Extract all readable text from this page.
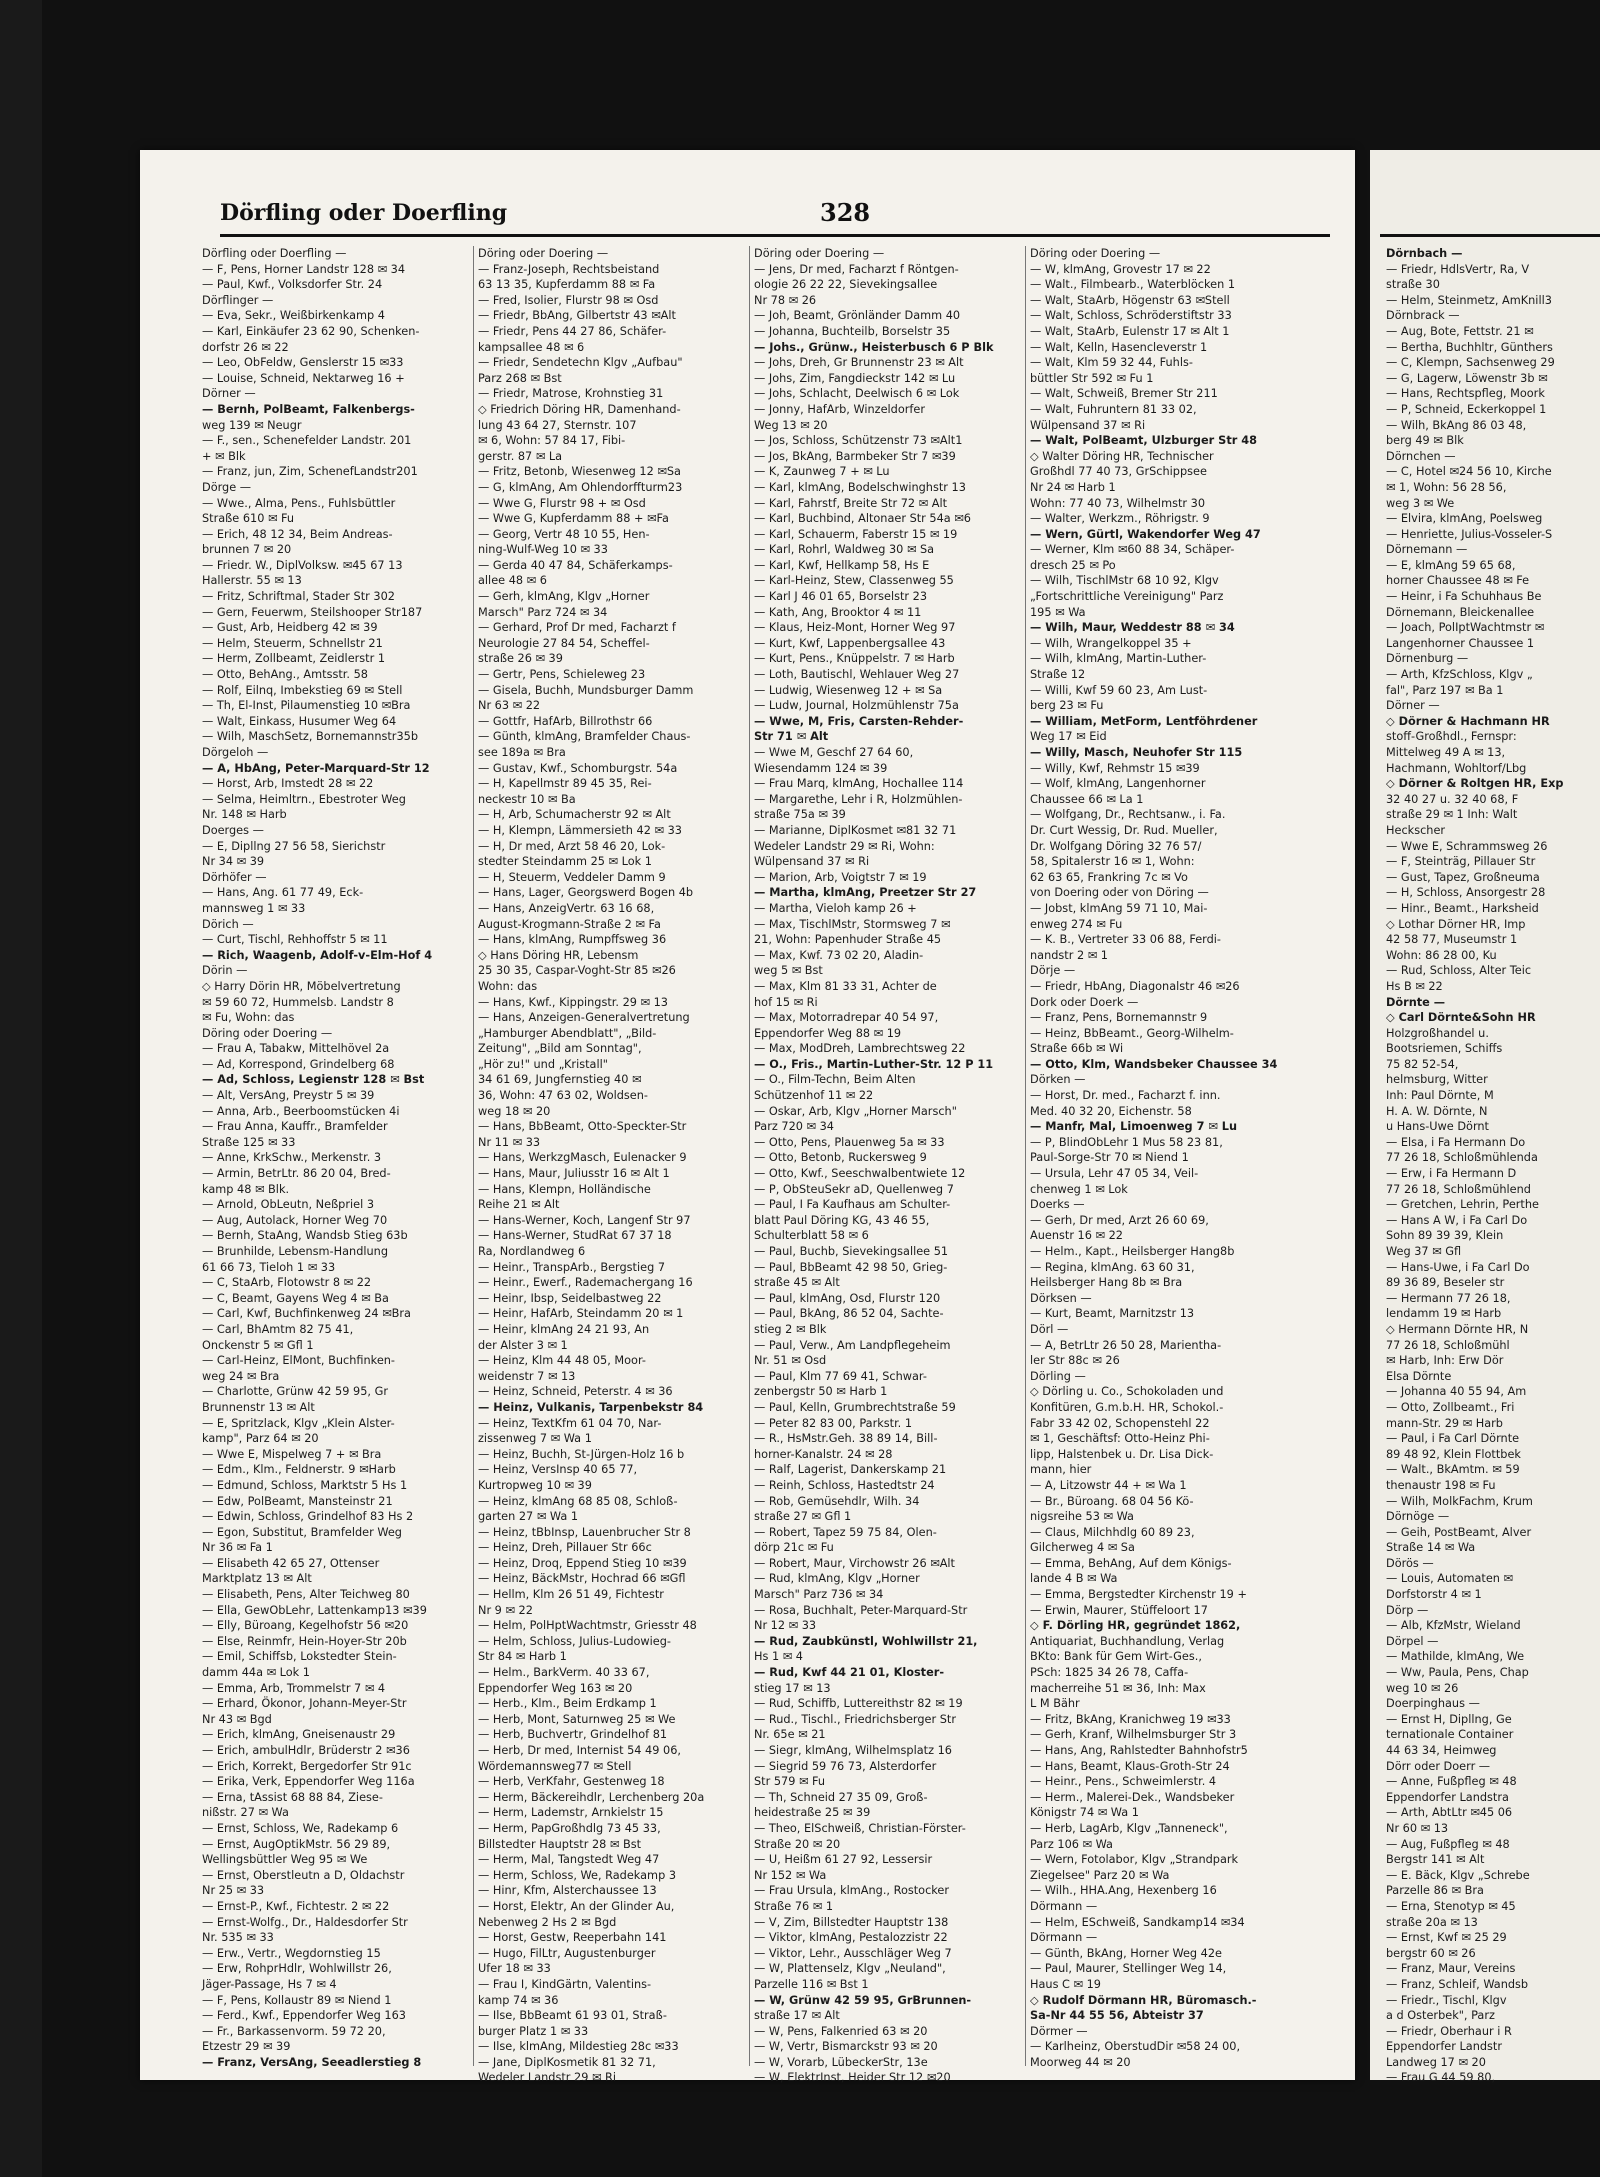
Dörfling oder Doerfling	328
Dörfling oder Doerfling —
— F, Pens, Horner Landstr 128 ✉ 34
— Paul, Kwf., Volksdorfer Str. 24
Dörflinger —
— Eva, Sekr., Weißbirkenkamp 4
— Karl, Einkäufer 23 62 90, Schenken-
dorfstr 26 ✉ 22
— Leo, ObFeldw, Genslerstr 15 ✉33
— Louise, Schneid, Nektarweg 16 +
Dörner —
— Bernh, PolBeamt, Falkenbergs-
weg 139 ✉ Neugr
— F., sen., Schenefelder Landstr. 201
+ ✉ Blk
— Franz, jun, Zim, SchenefLandstr201
Dörge —
— Wwe., Alma, Pens., Fuhlsbüttler
Straße 610 ✉ Fu
— Erich, 48 12 34, Beim Andreas-
brunnen 7 ✉ 20
— Friedr. W., DiplVolksw. ✉45 67 13
Hallerstr. 55 ✉ 13
— Fritz, Schriftmal, Stader Str 302
— Gern, Feuerwm, Steilshooper Str187
— Gust, Arb, Heidberg 42 ✉ 39
— Helm, Steuerm, Schnellstr 21
— Herm, Zollbeamt, Zeidlerstr 1
— Otto, BehAng., Amtsstr. 58
— Rolf, Eilnq, Imbekstieg 69 ✉ Stell
— Th, El-Inst, Pilaumenstieg 10 ✉Bra
— Walt, Einkass, Husumer Weg 64
— Wilh, MaschSetz, Bornemannstr35b
Dörgeloh —
— A, HbAng, Peter-Marquard-Str 12
— Horst, Arb, Imstedt 28 ✉ 22
— Selma, Heimltrn., Ebestroter Weg
Nr. 148 ✉ Harb
Doerges —
— E, Dipllng 27 56 58, Sierichstr
Nr 34 ✉ 39
Dörhöfer —
— Hans, Ang. 61 77 49, Eck-
mannsweg 1 ✉ 33
Dörich —
— Curt, Tischl, Rehhoffstr 5 ✉ 11
— Rich, Waagenb, Adolf-v-Elm-Hof 4
Dörin —
◇ Harry Dörin HR, Möbelvertretung
✉ 59 60 72, Hummelsb. Landstr 8
✉ Fu, Wohn: das
Döring oder Doering —
— Frau A, Tabakw, Mittelhövel 2a
— Ad, Korrespond, Grindelberg 68
— Ad, Schloss, Legienstr 128 ✉ Bst
— Alt, VersAng, Preystr 5 ✉ 39
— Anna, Arb., Beerboomstücken 4i
— Frau Anna, Kauffr., Bramfelder
Straße 125 ✉ 33
— Anne, KrkSchw., Merkenstr. 3
— Armin, BetrLtr. 86 20 04, Bred-
kamp 48 ✉ Blk.
— Arnold, ObLeutn, Neßpriel 3
— Aug, Autolack, Horner Weg 70
— Bernh, StaAng, Wandsb Stieg 63b
— Brunhilde, Lebensm-Handlung
61 66 73, Tieloh 1 ✉ 33
— C, StaArb, Flotowstr 8 ✉ 22
— C, Beamt, Gayens Weg 4 ✉ Ba
— Carl, Kwf, Buchfinkenweg 24 ✉Bra
— Carl, BhAmtm 82 75 41,
Onckenstr 5 ✉ Gfl 1
— Carl-Heinz, ElMont, Buchfinken-
weg 24 ✉ Bra
— Charlotte, Grünw 42 59 95, Gr
Brunnenstr 13 ✉ Alt
— E, Spritzlack, Klgv „Klein Alster-
kamp", Parz 64 ✉ 20
— Wwe E, Mispelweg 7 + ✉ Bra
— Edm., Klm., Feldnerstr. 9 ✉Harb
— Edmund, Schloss, Marktstr 5 Hs 1
— Edw, PolBeamt, Mansteinstr 21
— Edwin, Schloss, Grindelhof 83 Hs 2
— Egon, Substitut, Bramfelder Weg
Nr 36 ✉ Fa 1
— Elisabeth 42 65 27, Ottenser
Marktplatz 13 ✉ Alt
— Elisabeth, Pens, Alter Teichweg 80
— Ella, GewObLehr, Lattenkamp13 ✉39
— Elly, Büroang, Kegelhofstr 56 ✉20
— Else, Reinmfr, Hein-Hoyer-Str 20b
— Emil, Schiffsb, Lokstedter Stein-
damm 44a ✉ Lok 1
— Emma, Arb, Trommelstr 7 ✉ 4
— Erhard, Ökonor, Johann-Meyer-Str
Nr 43 ✉ Bgd
— Erich, klmAng, Gneisenaustr 29
— Erich, ambulHdlr, Brüderstr 2 ✉36
— Erich, Korrekt, Bergedorfer Str 91c
— Erika, Verk, Eppendorfer Weg 116a
— Erna, tAssist 68 88 84, Ziese-
nißstr. 27 ✉ Wa
— Ernst, Schloss, We, Radekamp 6
— Ernst, AugOptikMstr. 56 29 89,
Wellingsbüttler Weg 95 ✉ We
— Ernst, Oberstleutn a D, Oldachstr
Nr 25 ✉ 33
— Ernst-P., Kwf., Fichtestr. 2 ✉ 22
— Ernst-Wolfg., Dr., Haldesdorfer Str
Nr. 535 ✉ 33
— Erw., Vertr., Wegdornstieg 15
— Erw, RohprHdlr, Wohlwillstr 26,
Jäger-Passage, Hs 7 ✉ 4
— F, Pens, Kollaustr 89 ✉ Niend 1
— Ferd., Kwf., Eppendorfer Weg 163
— Fr., Barkassenvorm. 59 72 20,
Etzestr 29 ✉ 39
— Franz, VersAng, Seeadlerstieg 8
Döring oder Doering —
— Franz-Joseph, Rechtsbeistand
63 13 35, Kupferdamm 88 ✉ Fa
— Fred, Isolier, Flurstr 98 ✉ Osd
— Friedr, BbAng, Gilbertstr 43 ✉Alt
— Friedr, Pens 44 27 86, Schäfer-
kampsallee 48 ✉ 6
— Friedr, Sendetechn Klgv „Aufbau"
Parz 268 ✉ Bst
— Friedr, Matrose, Krohnstieg 31
◇ Friedrich Döring HR, Damenhand-
lung 43 64 27, Sternstr. 107
✉ 6, Wohn: 57 84 17, Fibi-
gerstr. 87 ✉ La
— Fritz, Betonb, Wiesenweg 12 ✉Sa
— G, klmAng, Am Ohlendorffturm23
— Wwe G, Flurstr 98 + ✉ Osd
— Wwe G, Kupferdamm 88 + ✉Fa
— Georg, Vertr 48 10 55, Hen-
ning-Wulf-Weg 10 ✉ 33
— Gerda 40 47 84, Schäferkamps-
allee 48 ✉ 6
— Gerh, klmAng, Klgv „Horner
Marsch" Parz 724 ✉ 34
— Gerhard, Prof Dr med, Facharzt f
Neurologie 27 84 54, Scheffel-
straße 26 ✉ 39
— Gertr, Pens, Schieleweg 23
— Gisela, Buchh, Mundsburger Damm
Nr 63 ✉ 22
— Gottfr, HafArb, Billrothstr 66
— Günth, klmAng, Bramfelder Chaus-
see 189a ✉ Bra
— Gustav, Kwf., Schomburgstr. 54a
— H, Kapellmstr 89 45 35, Rei-
neckestr 10 ✉ Ba
— H, Arb, Schumacherstr 92 ✉ Alt
— H, Klempn, Lämmersieth 42 ✉ 33
— H, Dr med, Arzt 58 46 20, Lok-
stedter Steindamm 25 ✉ Lok 1
— H, Steuerm, Veddeler Damm 9
— Hans, Lager, Georgswerd Bogen 4b
— Hans, AnzeigVertr. 63 16 68,
August-Krogmann-Straße 2 ✉ Fa
— Hans, klmAng, Rumpffsweg 36
◇ Hans Döring HR, Lebensm
25 30 35, Caspar-Voght-Str 85 ✉26
Wohn: das
— Hans, Kwf., Kippingstr. 29 ✉ 13
— Hans, Anzeigen-Generalvertretung
„Hamburger Abendblatt", „Bild-
Zeitung", „Bild am Sonntag",
„Hör zu!" und „Kristall"
34 61 69, Jungfernstieg 40 ✉
36, Wohn: 47 63 02, Woldsen-
weg 18 ✉ 20
— Hans, BbBeamt, Otto-Speckter-Str
Nr 11 ✉ 33
— Hans, WerkzgMasch, Eulenacker 9
— Hans, Maur, Juliusstr 16 ✉ Alt 1
— Hans, Klempn, Holländische
Reihe 21 ✉ Alt
— Hans-Werner, Koch, Langenf Str 97
— Hans-Werner, StudRat 67 37 18
Ra, Nordlandweg 6
— Heinr., TranspArb., Bergstieg 7
— Heinr., Ewerf., Rademachergang 16
— Heinr, Ibsp, Seidelbastweg 22
— Heinr, HafArb, Steindamm 20 ✉ 1
— Heinr, klmAng 24 21 93, An
der Alster 3 ✉ 1
— Heinz, Klm 44 48 05, Moor-
weidenstr 7 ✉ 13
— Heinz, Schneid, Peterstr. 4 ✉ 36
— Heinz, Vulkanis, Tarpenbekstr 84
— Heinz, TextKfm 61 04 70, Nar-
zissenweg 7 ✉ Wa 1
— Heinz, Buchh, St-Jürgen-Holz 16 b
— Heinz, VersInsp 40 65 77,
Kurtropweg 10 ✉ 39
— Heinz, klmAng 68 85 08, Schloß-
garten 27 ✉ Wa 1
— Heinz, tBbInsp, Lauenbrucher Str 8
— Heinz, Dreh, Pillauer Str 66c
— Heinz, Droq, Eppend Stieg 10 ✉39
— Heinz, BäckMstr, Hochrad 66 ✉Gfl
— Hellm, Klm 26 51 49, Fichtestr
Nr 9 ✉ 22
— Helm, PolHptWachtmstr, Griesstr 48
— Helm, Schloss, Julius-Ludowieg-
Str 84 ✉ Harb 1
— Helm., BarkVerm. 40 33 67,
Eppendorfer Weg 163 ✉ 20
— Herb., Klm., Beim Erdkamp 1
— Herb, Mont, Saturnweg 25 ✉ We
— Herb, Buchvertr, Grindelhof 81
— Herb, Dr med, Internist 54 49 06,
Wördemannsweg77 ✉ Stell
— Herb, VerKfahr, Gestenweg 18
— Herm, Bäckereihdlr, Lerchenberg 20a
— Herm, Lademstr, Arnkielstr 15
— Herm, PapGroßhdlg 73 45 33,
Billstedter Hauptstr 28 ✉ Bst
— Herm, Mal, Tangstedt Weg 47
— Herm, Schloss, We, Radekamp 3
— Hinr, Kfm, Alsterchaussee 13
— Horst, Elektr, An der Glinder Au,
Nebenweg 2 Hs 2 ✉ Bgd
— Horst, Gestw, Reeperbahn 141
— Hugo, FilLtr, Augustenburger
Ufer 18 ✉ 33
— Frau I, KindGärtn, Valentins-
kamp 74 ✉ 36
— Ilse, BbBeamt 61 93 01, Straß-
burger Platz 1 ✉ 33
— Ilse, klmAng, Mildestieg 28c ✉33
— Jane, DiplKosmetik 81 32 71,
Wedeler Landstr 29 ✉ Ri
Döring oder Doering —
— Jens, Dr med, Facharzt f Röntgen-
ologie 26 22 22, Sievekingsallee
Nr 78 ✉ 26
— Joh, Beamt, Grönländer Damm 40
— Johanna, Buchteilb, Borselstr 35
— Johs., Grünw., Heisterbusch 6 P Blk
— Johs, Dreh, Gr Brunnenstr 23 ✉ Alt
— Johs, Zim, Fangdieckstr 142 ✉ Lu
— Johs, Schlacht, Deelwisch 6 ✉ Lok
— Jonny, HafArb, Winzeldorfer
Weg 13 ✉ 20
— Jos, Schloss, Schützenstr 73 ✉Alt1
— Jos, BkAng, Barmbeker Str 7 ✉39
— K, Zaunweg 7 + ✉ Lu
— Karl, klmAng, Bodelschwinghstr 13
— Karl, Fahrstf, Breite Str 72 ✉ Alt
— Karl, Buchbind, Altonaer Str 54a ✉6
— Karl, Schauerm, Faberstr 15 ✉ 19
— Karl, Rohrl, Waldweg 30 ✉ Sa
— Karl, Kwf, Hellkamp 58, Hs E
— Karl-Heinz, Stew, Classenweg 55
— Karl J 46 01 65, Borselstr 23
— Kath, Ang, Brooktor 4 ✉ 11
— Klaus, Heiz-Mont, Horner Weg 97
— Kurt, Kwf, Lappenbergsallee 43
— Kurt, Pens., Knüppelstr. 7 ✉ Harb
— Loth, Bautischl, Wehlauer Weg 27
— Ludwig, Wiesenweg 12 + ✉ Sa
— Ludw, Journal, Holzmühlenstr 75a
— Wwe, M, Fris, Carsten-Rehder-
Str 71 ✉ Alt
— Wwe M, Geschf 27 64 60,
Wiesendamm 124 ✉ 39
— Frau Marq, klmAng, Hochallee 114
— Margarethe, Lehr i R, Holzmühlen-
straße 75a ✉ 39
— Marianne, DiplKosmet ✉81 32 71
Wedeler Landstr 29 ✉ Ri, Wohn:
Wülpensand 37 ✉ Ri
— Marion, Arb, Voigtstr 7 ✉ 19
— Martha, klmAng, Preetzer Str 27
— Martha, Vieloh kamp 26 +
— Max, TischlMstr, Stormsweg 7 ✉
21, Wohn: Papenhuder Straße 45
— Max, Kwf. 73 02 20, Aladin-
weg 5 ✉ Bst
— Max, Klm 81 33 31, Achter de
hof 15 ✉ Ri
— Max, Motorradrepar 40 54 97,
Eppendorfer Weg 88 ✉ 19
— Max, ModDreh, Lambrechtsweg 22
— O., Fris., Martin-Luther-Str. 12 P 11
— O., Film-Techn, Beim Alten
Schützenhof 11 ✉ 22
— Oskar, Arb, Klgv „Horner Marsch"
Parz 720 ✉ 34
— Otto, Pens, Plauenweg 5a ✉ 33
— Otto, Betonb, Ruckersweg 9
— Otto, Kwf., Seeschwalbentwiete 12
— P, ObSteuSekr aD, Quellenweg 7
— Paul, I Fa Kaufhaus am Schulter-
blatt Paul Döring KG, 43 46 55,
Schulterblatt 58 ✉ 6
— Paul, Buchb, Sievekingsallee 51
— Paul, BbBeamt 42 98 50, Grieg-
straße 45 ✉ Alt
— Paul, klmAng, Osd, Flurstr 120
— Paul, BkAng, 86 52 04, Sachte-
stieg 2 ✉ Blk
— Paul, Verw., Am Landpflegeheim
Nr. 51 ✉ Osd
— Paul, Klm 77 69 41, Schwar-
zenbergstr 50 ✉ Harb 1
— Paul, Kelln, Grumbrechtstraße 59
— Peter 82 83 00, Parkstr. 1
— R., HsMstr.Geh. 38 89 14, Bill-
horner-Kanalstr. 24 ✉ 28
— Ralf, Lagerist, Dankerskamp 21
— Reinh, Schloss, Hastedtstr 24
— Rob, Gemüsehdlr, Wilh. 34
straße 27 ✉ Gfl 1
— Robert, Tapez 59 75 84, Olen-
dörp 21c ✉ Fu
— Robert, Maur, Virchowstr 26 ✉Alt
— Rud, klmAng, Klgv „Horner
Marsch" Parz 736 ✉ 34
— Rosa, Buchhalt, Peter-Marquard-Str
Nr 12 ✉ 33
— Rud, Zaubkünstl, Wohlwillstr 21,
Hs 1 ✉ 4
— Rud, Kwf 44 21 01, Kloster-
stieg 17 ✉ 13
— Rud, Schiffb, Luttereithstr 82 ✉ 19
— Rud., Tischl., Friedrichsberger Str
Nr. 65e ✉ 21
— Siegr, klmAng, Wilhelmsplatz 16
— Siegrid 59 76 73, Alsterdorfer
Str 579 ✉ Fu
— Th, Schneid 27 35 09, Groß-
heidestraße 25 ✉ 39
— Theo, ElSchweiß, Christian-Förster-
Straße 20 ✉ 20
— U, Heißm 61 27 92, Lessersir
Nr 152 ✉ Wa
— Frau Ursula, klmAng., Rostocker
Straße 76 ✉ 1
— V, Zim, Billstedter Hauptstr 138
— Viktor, klmAng, Pestalozzistr 22
— Viktor, Lehr., Ausschläger Weg 7
— W, Plattenselz, Klgv „Neuland",
Parzelle 116 ✉ Bst 1
— W, Grünw 42 59 95, GrBrunnen-
straße 17 ✉ Alt
— W, Pens, Falkenried 63 ✉ 20
— W, Vertr, Bismarckstr 93 ✉ 20
— W, Vorarb, LübeckerStr, 13e
— W, ElektrInst, Heider Str 12 ✉20
Döring oder Doering —
— W, klmAng, Grovestr 17 ✉ 22
— Walt., Filmbearb., Waterblöcken 1
— Walt, StaArb, Högenstr 63 ✉Stell
— Walt, Schloss, Schröderstiftstr 33
— Walt, StaArb, Eulenstr 17 ✉ Alt 1
— Walt, Kelln, Hasencleverstr 1
— Walt, Klm 59 32 44, Fuhls-
büttler Str 592 ✉ Fu 1
— Walt, Schweiß, Bremer Str 211
— Walt, Fuhruntern 81 33 02,
Wülpensand 37 ✉ Ri
— Walt, PolBeamt, Ulzburger Str 48
◇ Walter Döring HR, Technischer
Großhdl 77 40 73, GrSchippsee
Nr 24 ✉ Harb 1
Wohn: 77 40 73, Wilhelmstr 30
— Walter, Werkzm., Röhrigstr. 9
— Wern, Gürtl, Wakendorfer Weg 47
— Werner, Klm ✉60 88 34, Schäper-
dresch 25 ✉ Po
— Wilh, TischlMstr 68 10 92, Klgv
„Fortschrittliche Vereinigung" Parz
195 ✉ Wa
— Wilh, Maur, Weddestr 88 ✉ 34
— Wilh, Wrangelkoppel 35 +
— Wilh, klmAng, Martin-Luther-
Straße 12
— Willi, Kwf 59 60 23, Am Lust-
berg 23 ✉ Fu
— William, MetForm, Lentföhrdener
Weg 17 ✉ Eid
— Willy, Masch, Neuhofer Str 115
— Willy, Kwf, Rehmstr 15 ✉39
— Wolf, klmAng, Langenhorner
Chaussee 66 ✉ La 1
— Wolfgang, Dr., Rechtsanw., i. Fa.
Dr. Curt Wessig, Dr. Rud. Mueller,
Dr. Wolfgang Döring 32 76 57/
58, Spitalerstr 16 ✉ 1, Wohn:
62 63 65, Frankring 7c ✉ Vo
von Doering oder von Döring —
— Jobst, klmAng 59 71 10, Mai-
enweg 274 ✉ Fu
— K. B., Vertreter 33 06 88, Ferdi-
nandstr 2 ✉ 1
Dörje —
— Friedr, HbAng, Diagonalstr 46 ✉26
Dork oder Doerk —
— Franz, Pens, Bornemannstr 9
— Heinz, BbBeamt., Georg-Wilhelm-
Straße 66b ✉ Wi
— Otto, Klm, Wandsbeker Chaussee 34
Dörken —
— Horst, Dr. med., Facharzt f. inn.
Med. 40 32 20, Eichenstr. 58
— Manfr, Mal, Limoenweg 7 ✉ Lu
— P, BlindObLehr 1 Mus 58 23 81,
Paul-Sorge-Str 70 ✉ Niend 1
— Ursula, Lehr 47 05 34, Veil-
chenweg 1 ✉ Lok
Doerks —
— Gerh, Dr med, Arzt 26 60 69,
Auenstr 16 ✉ 22
— Helm., Kapt., Heilsberger Hang8b
— Regina, klmAng. 63 60 31,
Heilsberger Hang 8b ✉ Bra
Dörksen —
— Kurt, Beamt, Marnitzstr 13
Dörl —
— A, BetrLtr 26 50 28, Marientha-
ler Str 88c ✉ 26
Dörling —
◇ Dörling u. Co., Schokoladen und
Konfitüren, G.m.b.H. HR, Schokol.-
Fabr 33 42 02, Schopenstehl 22
✉ 1, Geschäftsf: Otto-Heinz Phi-
lipp, Halstenbek u. Dr. Lisa Dick-
mann, hier
— A, Litzowstr 44 + ✉ Wa 1
— Br., Büroang. 68 04 56 Kö-
nigsreihe 53 ✉ Wa
— Claus, Milchhdlg 60 89 23,
Gilcherweg 4 ✉ Sa
— Emma, BehAng, Auf dem Königs-
lande 4 B ✉ Wa
— Emma, Bergstedter Kirchenstr 19 +
— Erwin, Maurer, Stüffeloort 17
◇ F. Dörling HR, gegründet 1862,
Antiquariat, Buchhandlung, Verlag
BKto: Bank für Gem Wirt-Ges.,
PSch: 1825 34 26 78, Caffa-
macherreihe 51 ✉ 36, Inh: Max
L M Bähr
— Fritz, BkAng, Kranichweg 19 ✉33
— Gerh, Kranf, Wilhelmsburger Str 3
— Hans, Ang, Rahlstedter Bahnhofstr5
— Hans, Beamt, Klaus-Groth-Str 24
— Heinr., Pens., Schweimlerstr. 4
— Herm., Malerei-Dek., Wandsbeker
Königstr 74 ✉ Wa 1
— Herb, LagArb, Klgv „Tanneneck",
Parz 106 ✉ Wa
— Wern, Fotolabor, Klgv „Strandpark
Ziegelsee" Parz 20 ✉ Wa
— Wilh., HHA.Ang, Hexenberg 16
Dörmann —
— Helm, ESchweiß, Sandkamp14 ✉34
Dörmann —
— Günth, BkAng, Horner Weg 42e
— Paul, Maurer, Stellinger Weg 14,
Haus C ✉ 19
◇ Rudolf Dörmann HR, Büromasch.-
Sa-Nr 44 55 56, Abteistr 37
Dörmer —
— Karlheinz, OberstudDir ✉58 24 00,
Moorweg 44 ✉ 20
Dörnbach —
— Friedr, HdlsVertr, Ra, V
straße 30
— Helm, Steinmetz, AmKnill3
Dörnbrack —
— Aug, Bote, Fettstr. 21 ✉
— Bertha, Buchhltr, Günthers
— C, Klempn, Sachsenweg 29
— G, Lagerw, Löwenstr 3b ✉
— Hans, Rechtspfleg, Moork
— P, Schneid, Eckerkoppel 1
— Wilh, BkAng 86 03 48,
berg 49 ✉ Blk
Dörnchen —
— C, Hotel ✉24 56 10, Kirche
✉ 1, Wohn: 56 28 56,
weg 3 ✉ We
— Elvira, klmAng, Poelsweg
— Henriette, Julius-Vosseler-S
Dörnemann —
— E, klmAng 59 65 68,
horner Chaussee 48 ✉ Fe
— Heinr, i Fa Schuhhaus Be
Dörnemann, Bleickenallee
— Joach, PolIptWachtmstr ✉
Langenhorner Chaussee 1
Dörnenburg —
— Arth, KfzSchloss, Klgv „
fal", Parz 197 ✉ Ba 1
Dörner —
◇ Dörner & Hachmann HR
stoff-Großhdl., Fernspr:
Mittelweg 49 A ✉ 13,
Hachmann, Wohltorf/Lbg
◇ Dörner & Roltgen HR, Exp
32 40 27 u. 32 40 68, F
straße 29 ✉ 1 Inh: Walt
Heckscher
— Wwe E, Schrammsweg 26
— F, Steinträg, Pillauer Str
— Gust, Tapez, Großneuma
— H, Schloss, Ansorgestr 28
— Hinr., Beamt., Harksheid
◇ Lothar Dörner HR, Imp
42 58 77, Museumstr 1
Wohn: 86 28 00, Ku
— Rud, Schloss, Alter Teic
Hs B ✉ 22
Dörnte —
◇ Carl Dörnte&Sohn HR
Holzgroßhandel u.
Bootsriemen, Schiffs
75 82 52-54,
helmsburg, Witter
Inh: Paul Dörnte, M
H. A. W. Dörnte, N
u Hans-Uwe Dörnt
— Elsa, i Fa Hermann Do
77 26 18, Schloßmühlenda
— Erw, i Fa Hermann D
77 26 18, Schloßmühlend
— Gretchen, Lehrin, Perthe
— Hans A W, i Fa Carl Do
Sohn 89 39 39, Klein
Weg 37 ✉ Gfl
— Hans-Uwe, i Fa Carl Do
89 36 89, Beseler str
— Hermann 77 26 18,
lendamm 19 ✉ Harb
◇ Hermann Dörnte HR, N
77 26 18, Schloßmühl
✉ Harb, Inh: Erw Dör
Elsa Dörnte
— Johanna 40 55 94, Am
— Otto, Zollbeamt., Fri
mann-Str. 29 ✉ Harb
— Paul, i Fa Carl Dörnte
89 48 92, Klein Flottbek
— Walt., BkAmtm. ✉ 59
thenaustr 198 ✉ Fu
— Wilh, MolkFachm, Krum
Dörnöge —
— Geih, PostBeamt, Alver
Straße 14 ✉ Wa
Dörös —
— Louis, Automaten ✉
Dorfstorstr 4 ✉ 1
Dörp —
— Alb, KfzMstr, Wieland
Dörpel —
— Mathilde, klmAng, We
— Ww, Paula, Pens, Chap
weg 10 ✉ 26
Doerpinghaus —
— Ernst H, Dipllng, Ge
ternationale Container
44 63 34, Heimweg
Dörr oder Doerr —
— Anne, Fußpfleg ✉ 48
Eppendorfer Landstra
— Arth, AbtLtr ✉45 06
Nr 60 ✉ 13
— Aug, Fußpfleg ✉ 48
Bergstr 141 ✉ Alt
— E. Bäck, Klgv „Schrebe
Parzelle 86 ✉ Bra
— Erna, Stenotyp ✉ 45
straße 20a ✉ 13
— Ernst, Kwf ✉ 25 29
bergstr 60 ✉ 26
— Franz, Maur, Vereins
— Franz, Schleif, Wandsb
— Friedr., Tischl, Klgv
a d Osterbek", Parz
— Friedr, Oberhaur i R
Eppendorfer Landstr
Landweg 17 ✉ 20
— Frau G 44 59 80,
